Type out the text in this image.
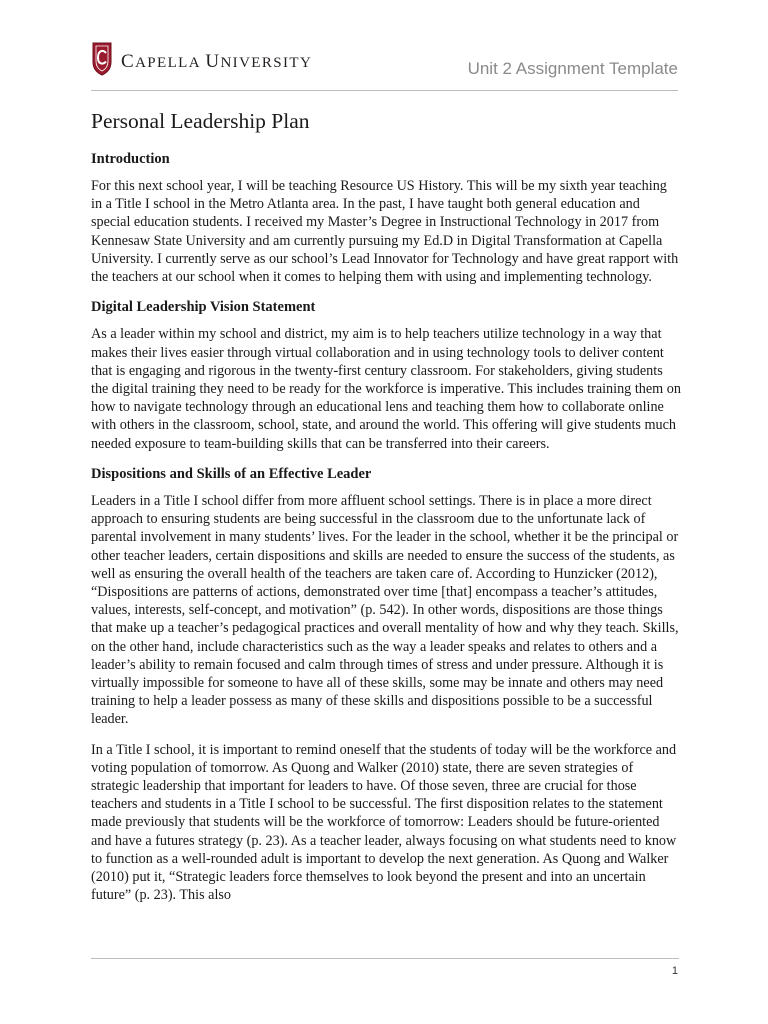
CAPELLA UNIVERSITY	Unit 2 Assignment Template
Personal Leadership Plan
Introduction

For this next school year, I will be teaching Resource US History. This will be my sixth year teaching in a Title I school in the Metro Atlanta area. In the past, I have taught both general education and special education students. I received my Master’s Degree in Instructional Technology in 2017 from Kennesaw State University and am currently pursuing my Ed.D in Digital Transformation at Capella University. I currently serve as our school’s Lead Innovator for Technology and have great rapport with the teachers at our school when it comes to helping them with using and implementing technology.

Digital Leadership Vision Statement

As a leader within my school and district, my aim is to help teachers utilize technology in a way that makes their lives easier through virtual collaboration and in using technology tools to deliver content that is engaging and rigorous in the twenty-first century classroom. For stakeholders, giving students the digital training they need to be ready for the workforce is imperative. This includes training them on how to navigate technology through an educational lens and teaching them how to collaborate online with others in the classroom, school, state, and around the world. This offering will give students much needed exposure to team-building skills that can be transferred into their careers.

Dispositions and Skills of an Effective Leader

Leaders in a Title I school differ from more affluent school settings. There is in place a more direct approach to ensuring students are being successful in the classroom due to the unfortunate lack of parental involvement in many students’ lives. For the leader in the school, whether it be the principal or other teacher leaders, certain dispositions and skills are needed to ensure the success of the students, as well as ensuring the overall health of the teachers are taken care of. According to Hunzicker (2012), “Dispositions are patterns of actions, demonstrated over time [that] encompass a teacher’s attitudes, values, interests, self-concept, and motivation” (p. 542). In other words, dispositions are those things that make up a teacher’s pedagogical practices and overall mentality of how and why they teach. Skills, on the other hand, include characteristics such as the way a leader speaks and relates to others and a leader’s ability to remain focused and calm through times of stress and under pressure. Although it is virtually impossible for someone to have all of these skills, some may be innate and others may need training to help a leader possess as many of these skills and dispositions possible to be a successful leader.

In a Title I school, it is important to remind oneself that the students of today will be the workforce and voting population of tomorrow. As Quong and Walker (2010) state, there are seven strategies of strategic leadership that important for leaders to have. Of those seven, three are crucial for those teachers and students in a Title I school to be successful. The first disposition relates to the statement made previously that students will be the workforce of tomorrow: Leaders should be future-oriented and have a futures strategy (p. 23). As a teacher leader, always focusing on what students need to know to function as a well-rounded adult is important to develop the next generation. As Quong and Walker (2010) put it, “Strategic leaders force themselves to look beyond the present and into an uncertain future” (p. 23). This also

1
